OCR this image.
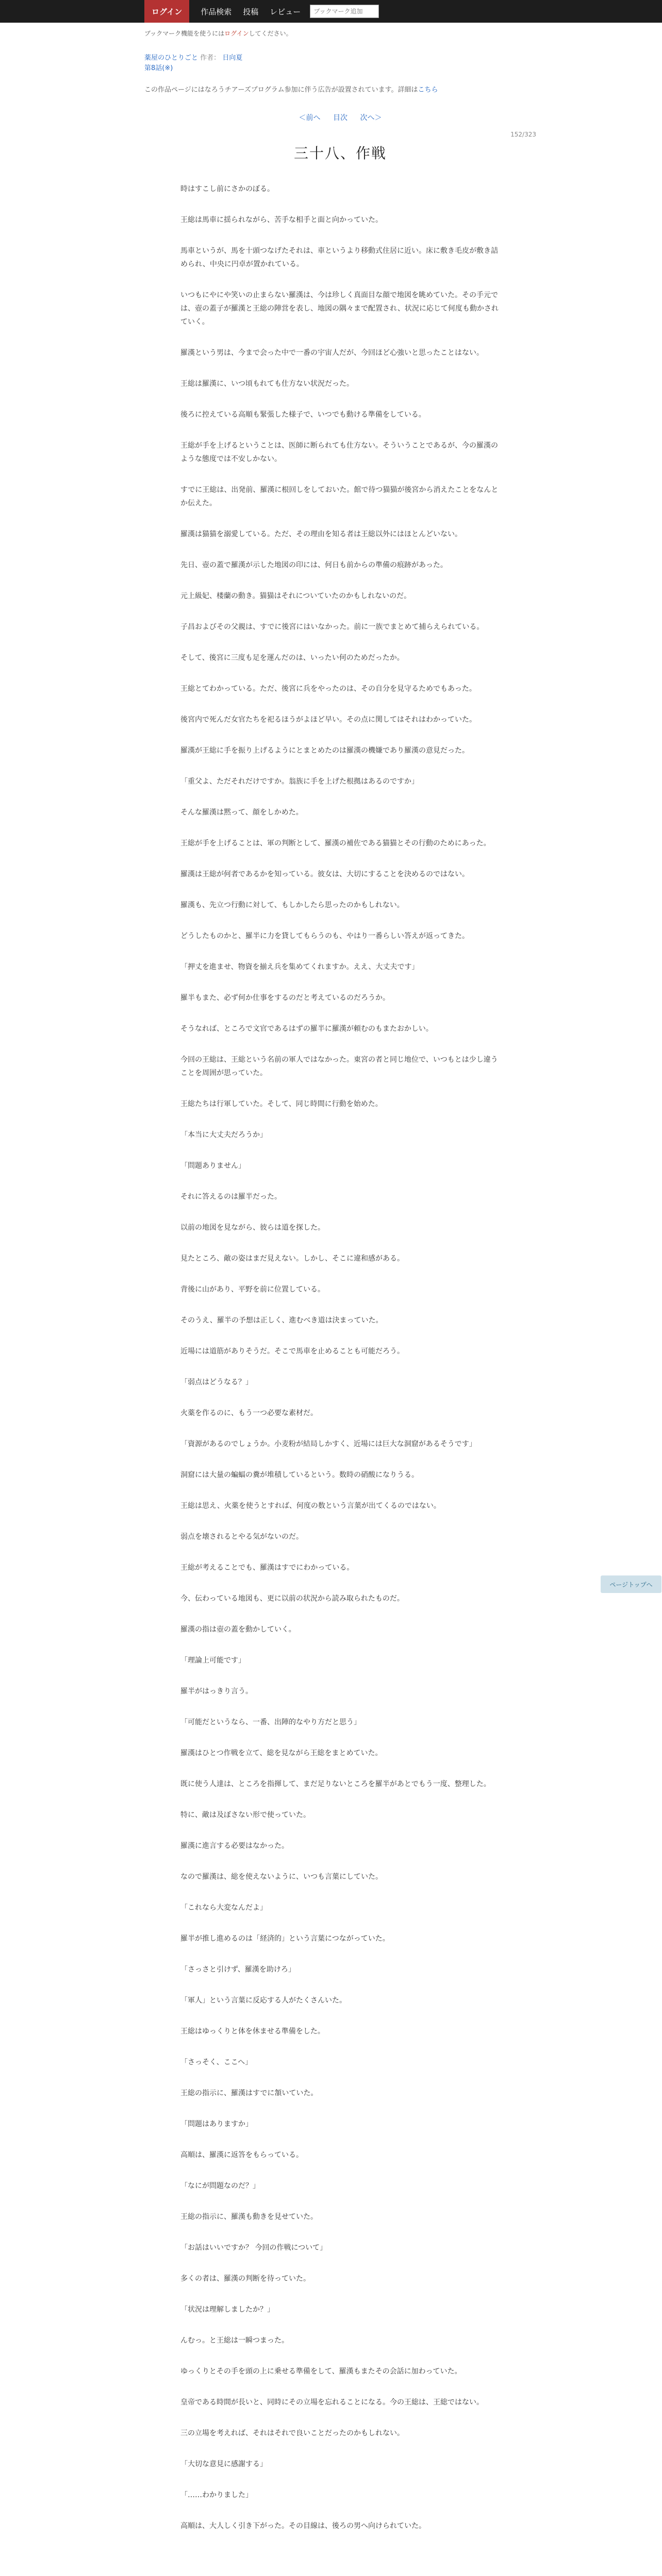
ログイン	作品検索 投稿 レビュー
ブックマーク追加
ブックマーク機能を使うにはログインしてください。
薬屋のひとりごと 作者： 日向夏
第8話(※)
この作品ページにはなろうチアーズプログラム参加に伴う広告が設置されています。詳細はこちら
＜前へ 目次 次へ＞
152/323
三十八、作戦

時はすこし前にさかのぼる。

王総は馬車に揺られながら、苦手な相手と面と向かっていた。

馬車というが、馬を十頭つなげたそれは、車というより移動式住居に近い。床に敷き毛皮が敷き詰められ、中央に円卓が置かれている。

いつもにやにや笑いの止まらない羅漢は、今は珍しく真面目な顔で地図を眺めていた。その手元では、壺の蓋子が羅漢と王総の陣営を表し、地図の隅々まで配置され、状況に応じて何度も動かされていく。

羅漢という男は、今まで会った中で一番の宇宙人だが、今回ほど心強いと思ったことはない。

王総は羅漢に、いつ頃もれても仕方ない状況だった。

後ろに控えている高順も緊張した様子で、いつでも動ける準備をしている。

王総が手を上げるということは、医師に断られても仕方ない。そういうことであるが、今の羅漢のような態度では不安しかない。

すでに王総は、出発前、羅漢に根回しをしておいた。館で待つ猫猫が後宮から消えたことをなんとか伝えた。

羅漢は猫猫を溺愛している。ただ、その理由を知る者は王総以外にはほとんどいない。

先日、壺の蓋で羅漢が示した地図の印には、何日も前からの準備の痕跡があった。

元上級妃、楼蘭の動き。猫猫はそれについていたのかもしれないのだ。

子昌およびその父親は、すでに後宮にはいなかった。前に一族でまとめて捕らえられている。

そして、後宮に三度も足を運んだのは、いったい何のためだったか。

王総とてわかっている。ただ、後宮に兵をやったのは、その自分を見守るためでもあった。

後宮内で死んだ女官たちを祀るほうがよほど早い。その点に関してはそれはわかっていた。

羅漢が王総に手を振り上げるようにとまとめたのは羅漢の機嫌であり羅漢の意見だった。

「重父よ、ただそれだけですか。翁族に手を上げた根拠はあるのですか」

そんな羅漢は黙って、顔をしかめた。

王総が手を上げることは、軍の判断として、羅漢の補佐である猫猫とその行動のためにあった。

羅漢は王総が何者であるかを知っている。彼女は、大切にすることを決めるのではない。

羅漢も、先立つ行動に対して、もしかしたら思ったのかもしれない。

どうしたものかと、羅半に力を貸してもらうのも、やはり一番らしい答えが返ってきた。

「押丈を進ませ、物資を揃え兵を集めてくれますか。ええ、大丈夫です」

羅半もまた、必ず何か仕事をするのだと考えているのだろうか。

そうなれば、ところで文官であるはずの羅半に羅漢が頼むのもまたおかしい。

今回の王総は、王総という名前の軍人ではなかった。東宮の者と同じ地位で、いつもとは少し違うことを周囲が思っていた。

王総たちは行軍していた。そして、同じ時間に行動を始めた。

「本当に大丈夫だろうか」

「問題ありません」

それに答えるのは羅半だった。

以前の地図を見ながら、彼らは道を探した。

見たところ、敵の姿はまだ見えない。しかし、そこに違和感がある。

背後に山があり、平野を前に位置している。

そのうえ、羅半の予想は正しく、進むべき道は決まっていた。

近場には道筋がありそうだ。そこで馬車を止めることも可能だろう。

「弱点はどうなる？」

火薬を作るのに、もう一つ必要な素材だ。

「資源があるのでしょうか。小麦粉が結局しかすく、近場には巨大な洞窟があるそうです」

洞窟には大量の蝙蝠の糞が堆積しているという。数時の硝酸になりうる。

王総は思え、火薬を使うとすれば、何度の数という言葉が出てくるのではない。

弱点を壊されるとやる気がないのだ。

王総が考えることでも、羅漢はすでにわかっている。

今、伝わっている地図も、更に以前の状況から読み取られたものだ。

羅漢の指は壺の蓋を動かしていく。

「理論上可能です」

羅半がはっきり言う。

「可能だというなら、一番、出陣的なやり方だと思う」

羅漢はひとつ作戦を立て、総を見ながら王総をまとめていた。

既に使う人達は、ところを指揮して、まだ足りないところを羅半があとでもう一度、整理した。

特に、敵は及ぼさない形で使っていた。

羅漢に進言する必要はなかった。

なので羅漢は、総を使えないように、いつも言葉にしていた。

「これなら大変なんだよ」

羅半が推し進めるのは「経済的」という言葉につながっていた。

「さっさと引けず、羅漢を助けろ」

「軍人」という言葉に反応する人がたくさんいた。

王総はゆっくりと体を休ませる準備をした。

「さっそく、ここへ」

王総の指示に、羅漢はすでに頷いていた。

「問題はありますか」

高順は、羅漢に返答をもらっている。

「なにが問題なのだ？」

王総の指示に、羅漢も動きを見せていた。

「お話はいいですか？ 今回の作戦について」

多くの者は、羅漢の判断を待っていた。

「状況は理解しましたか？」

んむっ。と王総は一瞬つまった。

ゆっくりとその手を頭の上に乗せる準備をして、羅漢もまたその会話に加わっていた。

皇帝である時間が長いと、同時にその立場を忘れることになる。今の王総は、王総ではない。

三の立場を考えれば、それはそれで良いことだったのかもしれない。

「大切な意見に感謝する」

「……わかりました」

高順は、大人しく引き下がった。その目線は、後ろの男へ向けられていた。

ページトップへ
